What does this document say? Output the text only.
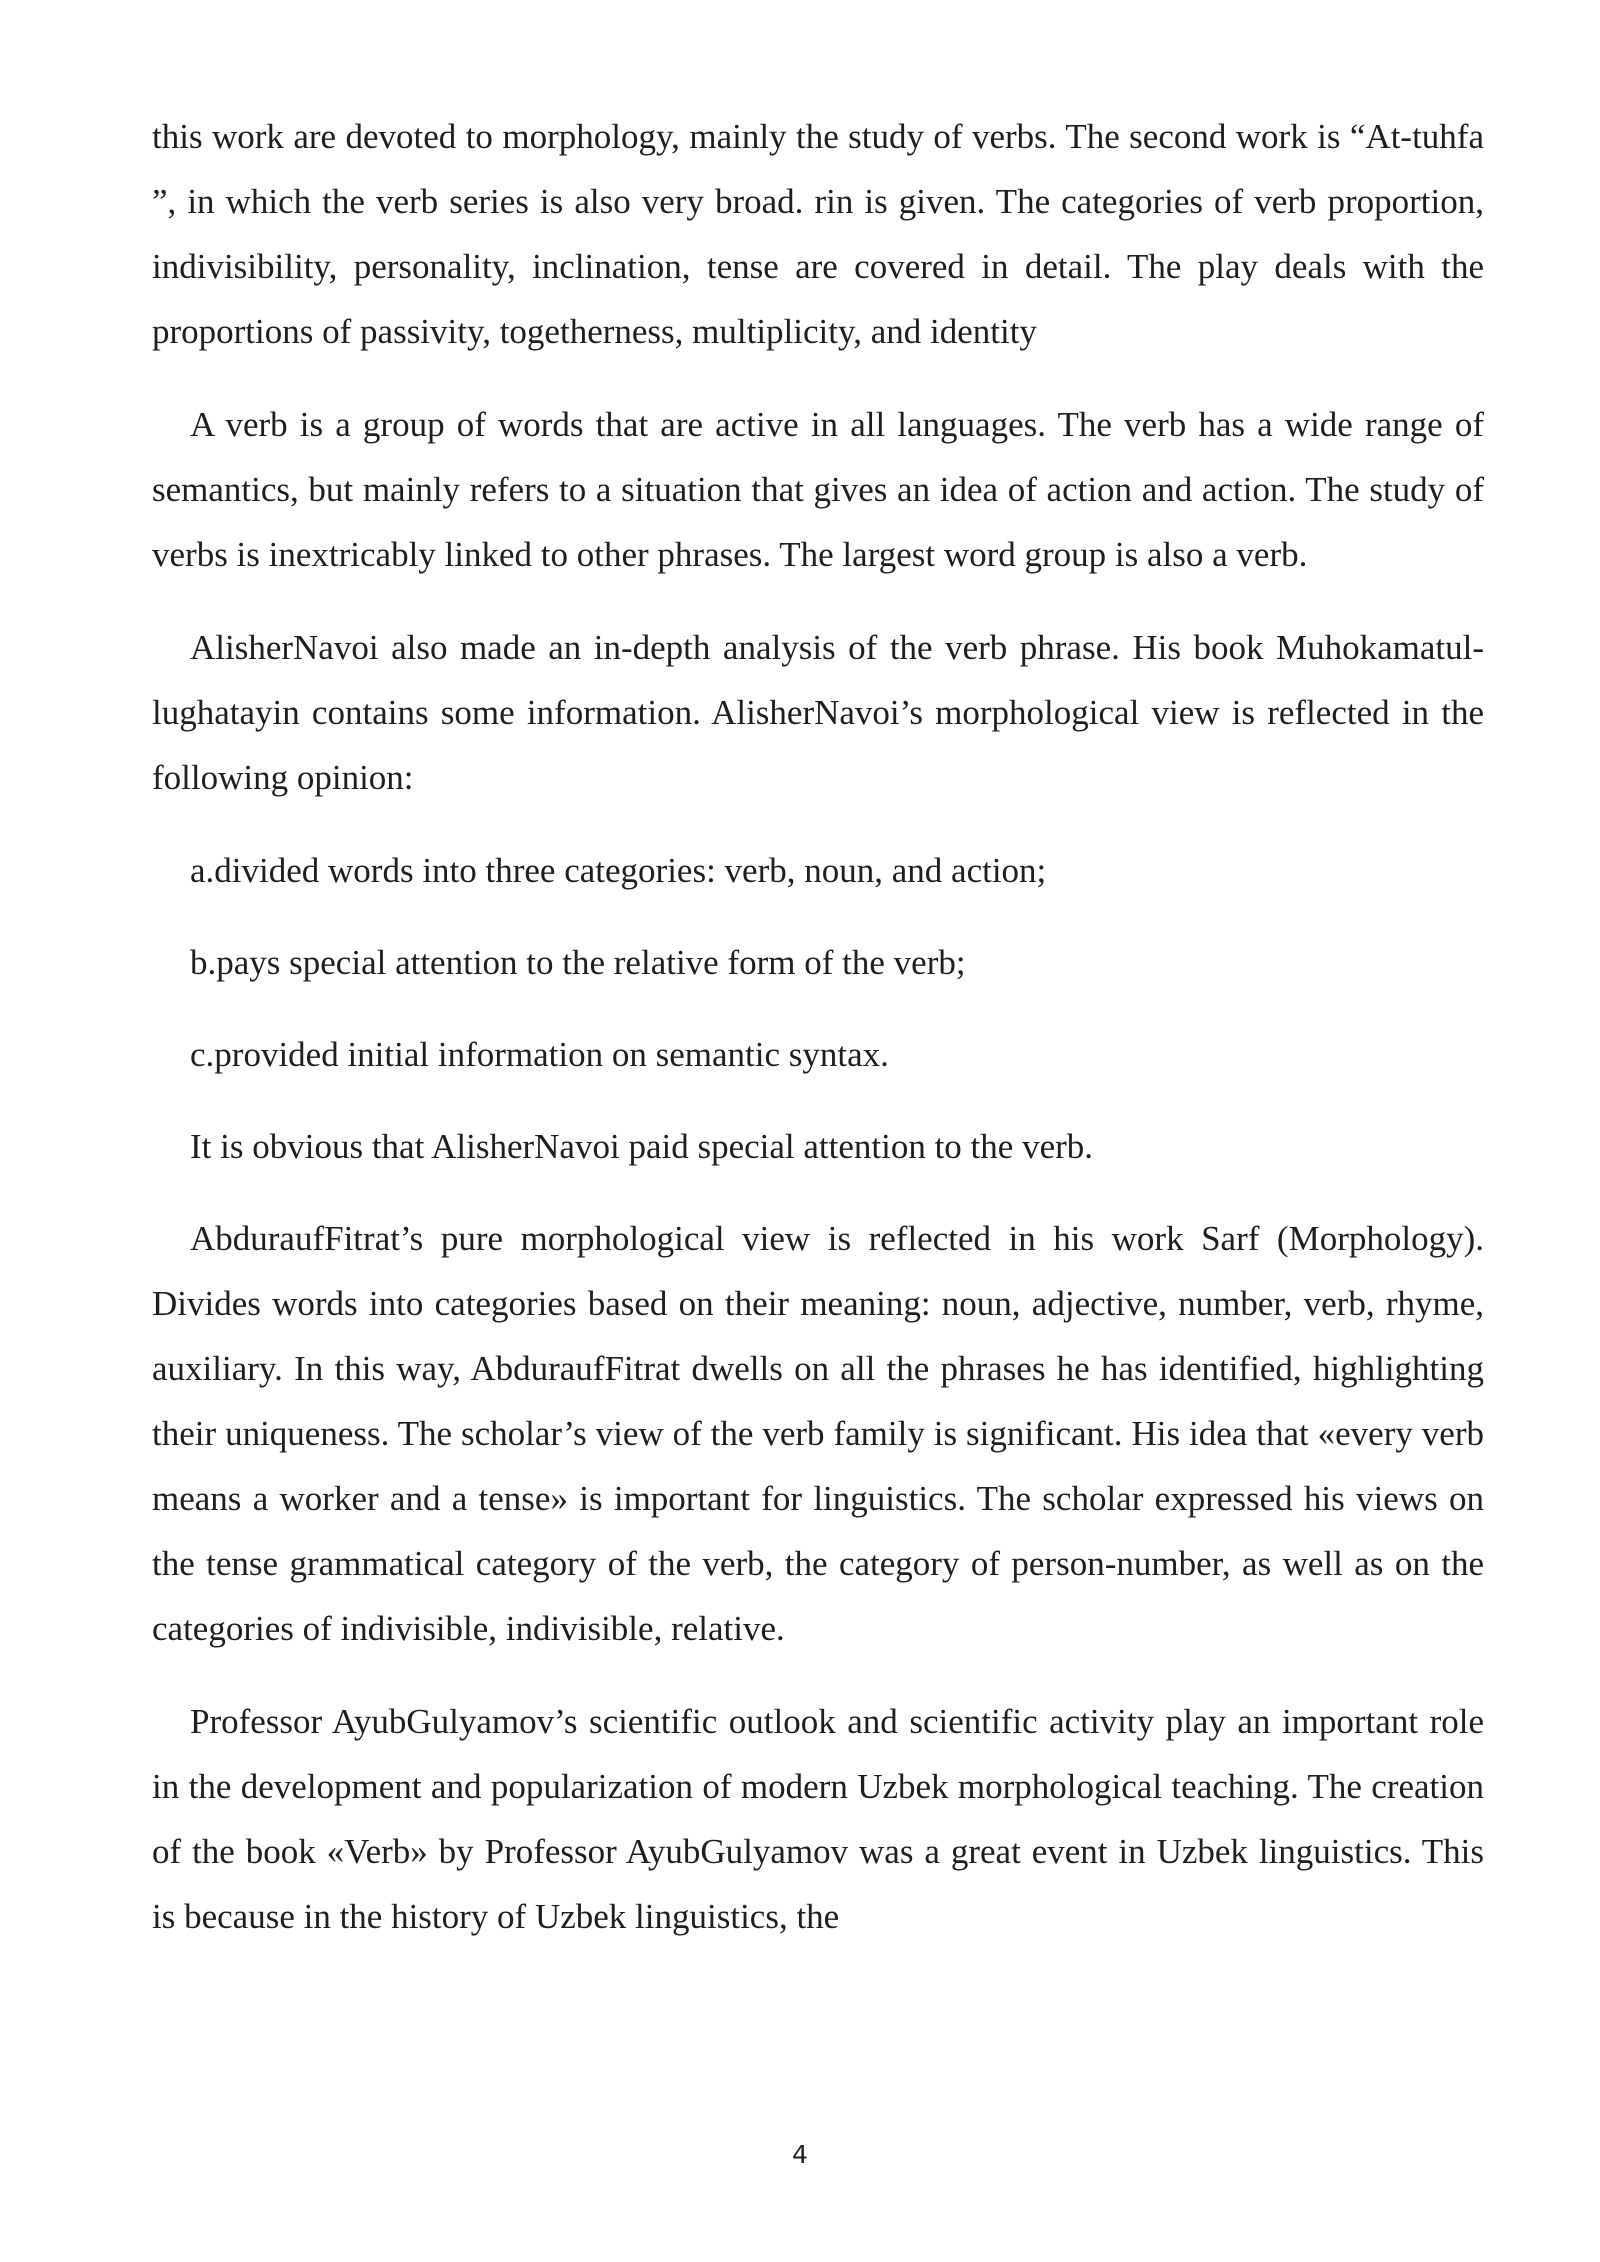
this work are devoted to morphology, mainly the study of verbs. The second work is “At-tuhfa ”, in which the verb series is also very broad. rin is given. The categories of verb proportion, indivisibility, personality, inclination, tense are covered in detail. The play deals with the proportions of passivity, togetherness, multiplicity, and identity

A verb is a group of words that are active in all languages. The verb has a wide range of semantics, but mainly refers to a situation that gives an idea of action and action. The study of verbs is inextricably linked to other phrases. The largest word group is also a verb.

AlisherNavoi also made an in-depth analysis of the verb phrase. His book Muhokamatul-lughatayin contains some information. AlisherNavoi’s morphological view is reflected in the following opinion:

a.divided words into three categories: verb, noun, and action;

b.pays special attention to the relative form of the verb;

c.provided initial information on semantic syntax.

It is obvious that AlisherNavoi paid special attention to the verb.

AbduraufFitrat’s pure morphological view is reflected in his work Sarf (Morphology). Divides words into categories based on their meaning: noun, adjective, number, verb, rhyme, auxiliary. In this way, AbduraufFitrat dwells on all the phrases he has identified, highlighting their uniqueness. The scholar’s view of the verb family is significant. His idea that «every verb means a worker and a tense» is important for linguistics. The scholar expressed his views on the tense grammatical category of the verb, the category of person-number, as well as on the categories of indivisible, indivisible, relative.

Professor AyubGulyamov’s scientific outlook and scientific activity play an important role in the development and popularization of modern Uzbek morphological teaching. The creation of the book «Verb» by Professor AyubGulyamov was a great event in Uzbek linguistics. This is because in the history of Uzbek linguistics, the

4
